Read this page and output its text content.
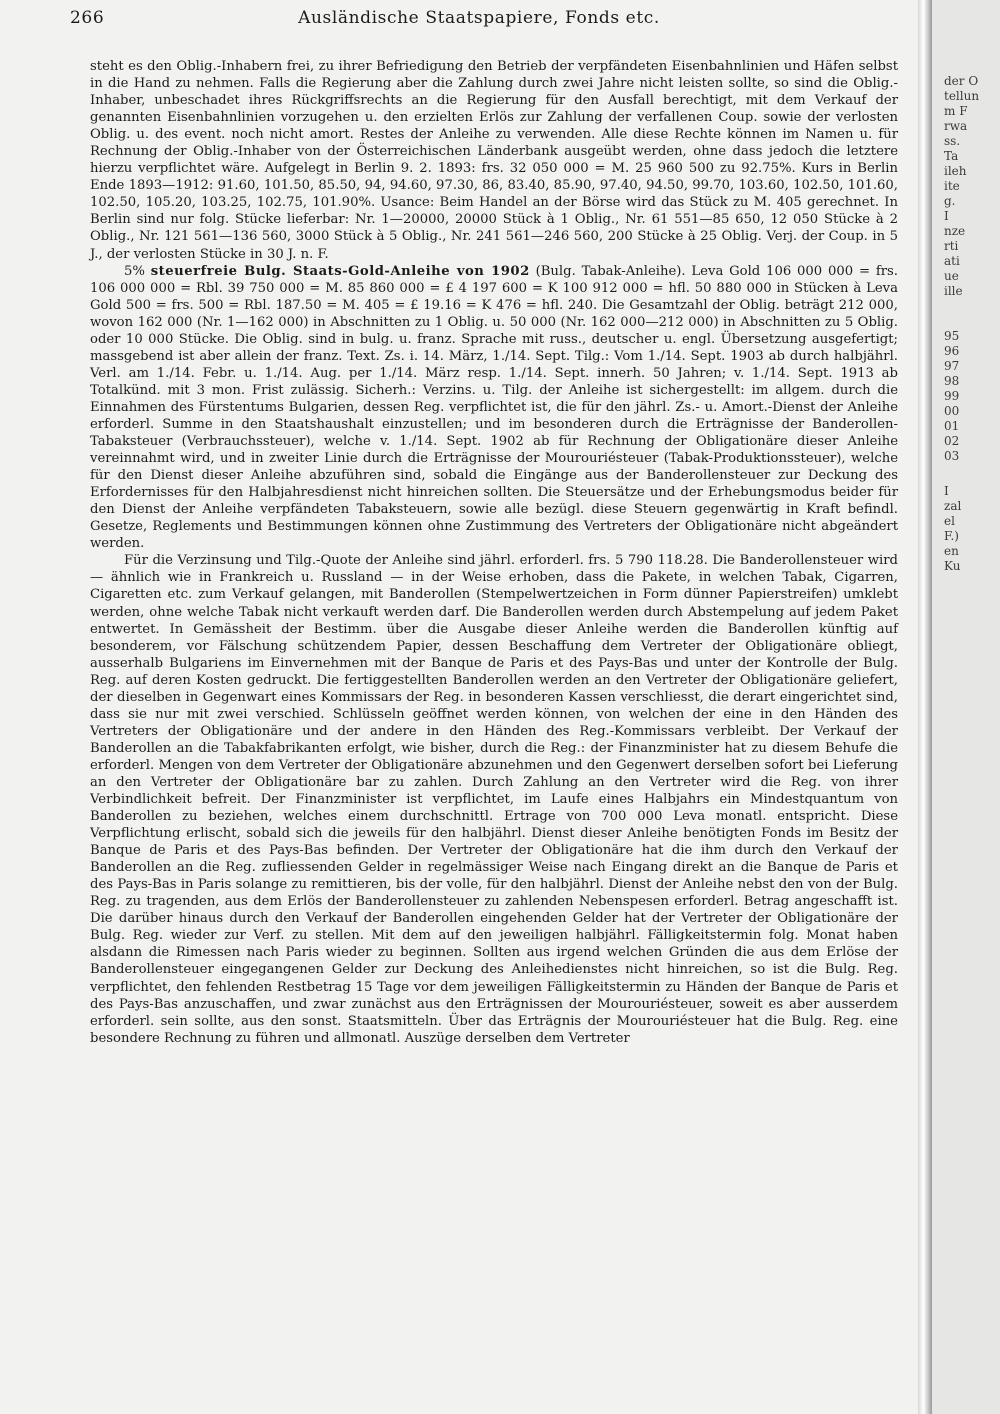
266	Ausländische Staatspapiere, Fonds etc.

steht es den Oblig.-Inhabern frei, zu ihrer Befriedigung den Betrieb der verpfändeten Eisenbahnlinien und Häfen selbst in die Hand zu nehmen. Falls die Regierung aber die Zahlung durch zwei Jahre nicht leisten sollte, so sind die Oblig.-Inhaber, unbeschadet ihres Rückgriffsrechts an die Regierung für den Ausfall berechtigt, mit dem Verkauf der genannten Eisenbahnlinien vorzugehen u. den erzielten Erlös zur Zahlung der verfallenen Coup. sowie der verlosten Oblig. u. des event. noch nicht amort. Restes der Anleihe zu verwenden. Alle diese Rechte können im Namen u. für Rechnung der Oblig.-Inhaber von der Österreichischen Länderbank ausgeübt werden, ohne dass jedoch die letztere hierzu verpflichtet wäre. Aufgelegt in Berlin 9. 2. 1893: frs. 32 050 000 = M. 25 960 500 zu 92.75%. Kurs in Berlin Ende 1893—1912: 91.60, 101.50, 85.50, 94, 94.60, 97.30, 86, 83.40, 85.90, 97.40, 94.50, 99.70, 103.60, 102.50, 101.60, 102.50, 105.20, 103.25, 102.75, 101.90%. Usance: Beim Handel an der Börse wird das Stück zu M. 405 gerechnet. In Berlin sind nur folg. Stücke lieferbar: Nr. 1—20000, 20000 Stück à 1 Oblig., Nr. 61 551—85 650, 12 050 Stücke à 2 Oblig., Nr. 121 561—136 560, 3000 Stück à 5 Oblig., Nr. 241 561—246 560, 200 Stücke à 25 Oblig. Verj. der Coup. in 5 J., der verlosten Stücke in 30 J. n. F.

5% steuerfreie Bulg. Staats-Gold-Anleihe von 1902 (Bulg. Tabak-Anleihe). Leva Gold 106 000 000 = frs. 106 000 000 = Rbl. 39 750 000 = M. 85 860 000 = £ 4 197 600 = K 100 912 000 = hfl. 50 880 000 in Stücken à Leva Gold 500 = frs. 500 = Rbl. 187.50 = M. 405 = £ 19.16 = K 476 = hfl. 240. Die Gesamtzahl der Oblig. beträgt 212 000, wovon 162 000 (Nr. 1—162 000) in Abschnitten zu 1 Oblig. u. 50 000 (Nr. 162 000—212 000) in Abschnitten zu 5 Oblig. oder 10 000 Stücke. Die Oblig. sind in bulg. u. franz. Sprache mit russ., deutscher u. engl. Übersetzung ausgefertigt; massgebend ist aber allein der franz. Text. Zs. i. 14. März, 1./14. Sept. Tilg.: Vom 1./14. Sept. 1903 ab durch halbjährl. Verl. am 1./14. Febr. u. 1./14. Aug. per 1./14. März resp. 1./14. Sept. innerh. 50 Jahren; v. 1./14. Sept. 1913 ab Totalkünd. mit 3 mon. Frist zulässig. Sicherh.: Verzins. u. Tilg. der Anleihe ist sichergestellt: im allgem. durch die Einnahmen des Fürstentums Bulgarien, dessen Reg. verpflichtet ist, die für den jährl. Zs.- u. Amort.-Dienst der Anleihe erforderl. Summe in den Staatshaushalt einzustellen; und im besonderen durch die Erträgnisse der Banderollen-Tabaksteuer (Verbrauchssteuer), welche v. 1./14. Sept. 1902 ab für Rechnung der Obligationäre dieser Anleihe vereinnahmt wird, und in zweiter Linie durch die Erträgnisse der Mourouriésteuer (Tabak-Produktionssteuer), welche für den Dienst dieser Anleihe abzuführen sind, sobald die Eingänge aus der Banderollensteuer zur Deckung des Erfordernisses für den Halbjahresdienst nicht hinreichen sollten. Die Steuersätze und der Erhebungsmodus beider für den Dienst der Anleihe verpfändeten Tabaksteuern, sowie alle bezügl. diese Steuern gegenwärtig in Kraft befindl. Gesetze, Reglements und Bestimmungen können ohne Zustimmung des Vertreters der Obligationäre nicht abgeändert werden.

Für die Verzinsung und Tilg.-Quote der Anleihe sind jährl. erforderl. frs. 5 790 118.28. Die Banderollensteuer wird — ähnlich wie in Frankreich u. Russland — in der Weise erhoben, dass die Pakete, in welchen Tabak, Cigarren, Cigaretten etc. zum Verkauf gelangen, mit Banderollen (Stempelwertzeichen in Form dünner Papierstreifen) umklebt werden, ohne welche Tabak nicht verkauft werden darf. Die Banderollen werden durch Abstempelung auf jedem Paket entwertet. In Gemässheit der Bestimm. über die Ausgabe dieser Anleihe werden die Banderollen künftig auf besonderem, vor Fälschung schützendem Papier, dessen Beschaffung dem Vertreter der Obligationäre obliegt, ausserhalb Bulgariens im Einvernehmen mit der Banque de Paris et des Pays-Bas und unter der Kontrolle der Bulg. Reg. auf deren Kosten gedruckt. Die fertiggestellten Banderollen werden an den Vertreter der Obligationäre geliefert, der dieselben in Gegenwart eines Kommissars der Reg. in besonderen Kassen verschliesst, die derart eingerichtet sind, dass sie nur mit zwei verschied. Schlüsseln geöffnet werden können, von welchen der eine in den Händen des Vertreters der Obligationäre und der andere in den Händen des Reg.-Kommissars verbleibt. Der Verkauf der Banderollen an die Tabakfabrikanten erfolgt, wie bisher, durch die Reg.: der Finanzminister hat zu diesem Behufe die erforderl. Mengen von dem Vertreter der Obligationäre abzunehmen und den Gegenwert derselben sofort bei Lieferung an den Vertreter der Obligationäre bar zu zahlen. Durch Zahlung an den Vertreter wird die Reg. von ihrer Verbindlichkeit befreit. Der Finanzminister ist verpflichtet, im Laufe eines Halbjahrs ein Mindestquantum von Banderollen zu beziehen, welches einem durchschnittl. Ertrage von 700 000 Leva monatl. entspricht. Diese Verpflichtung erlischt, sobald sich die jeweils für den halbjährl. Dienst dieser Anleihe benötigten Fonds im Besitz der Banque de Paris et des Pays-Bas befinden. Der Vertreter der Obligationäre hat die ihm durch den Verkauf der Banderollen an die Reg. zufliessenden Gelder in regelmässiger Weise nach Eingang direkt an die Banque de Paris et des Pays-Bas in Paris solange zu remittieren, bis der volle, für den halbjährl. Dienst der Anleihe nebst den von der Bulg. Reg. zu tragenden, aus dem Erlös der Banderollensteuer zu zahlenden Nebenspesen erforderl. Betrag angeschafft ist. Die darüber hinaus durch den Verkauf der Banderollen eingehenden Gelder hat der Vertreter der Obligationäre der Bulg. Reg. wieder zur Verf. zu stellen. Mit dem auf den jeweiligen halbjährl. Fälligkeitstermin folg. Monat haben alsdann die Rimessen nach Paris wieder zu beginnen. Sollten aus irgend welchen Gründen die aus dem Erlöse der Banderollensteuer eingegangenen Gelder zur Deckung des Anleihedienstes nicht hinreichen, so ist die Bulg. Reg. verpflichtet, den fehlenden Restbetrag 15 Tage vor dem jeweiligen Fälligkeitstermin zu Händen der Banque de Paris et des Pays-Bas anzuschaffen, und zwar zunächst aus den Erträgnissen der Mourouriésteuer, soweit es aber ausserdem erforderl. sein sollte, aus den sonst. Staatsmitteln. Über das Erträgnis der Mourouriésteuer hat die Bulg. Reg. eine besondere Rechnung zu führen und allmonatl. Auszüge derselben dem Vertreter

der O
tellun
m F
rwa
ss.
Ta
ileh
ite
g.
I
nze
rti
ati
ue
ille
95
96
97
98
99
00
01
02
03
I
zal
el
F.)
en
Ku
